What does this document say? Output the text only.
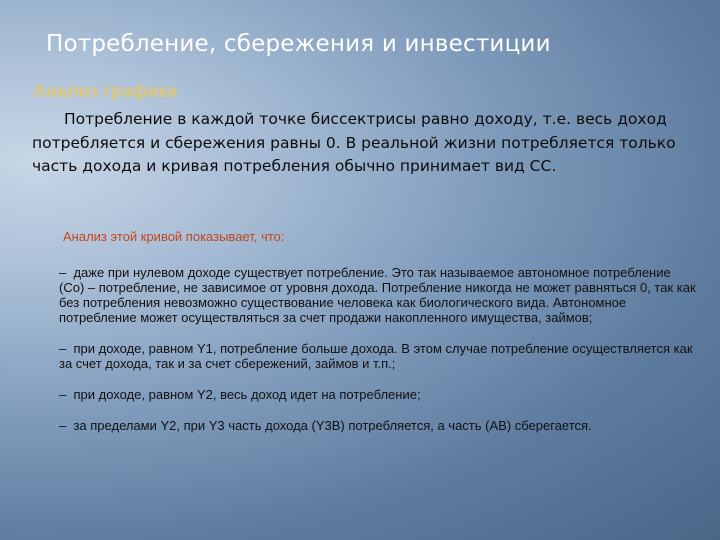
Потребление, сбережения и инвестиции
Анализ графика

Потребление в каждой точке биссектрисы равно доходу, т.е. весь доход потребляется и сбережения равны 0. В реальной жизни потребляется только часть дохода и кривая потребления обычно принимает вид СС.

Анализ этой кривой показывает, что:

– даже при нулевом доходе существует потребление. Это так называемое автономное потребление (Со) – потребление, не зависимое от уровня дохода. Потребление никогда не может равняться 0, так как без потребления невозможно существование человека как биологического вида. Автономное потребление может осуществляться за счет продажи накопленного имущества, займов;
– при доходе, равном Y1, потребление больше дохода. В этом случае потребление осуществляется как за счет дохода, так и за счет сбережений, займов и т.п.;
– при доходе, равном Y2, весь доход идет на потребление;
– за пределами Y2, при Y3 часть дохода (Y3B) потребляется, а часть (AB) сберегается.
